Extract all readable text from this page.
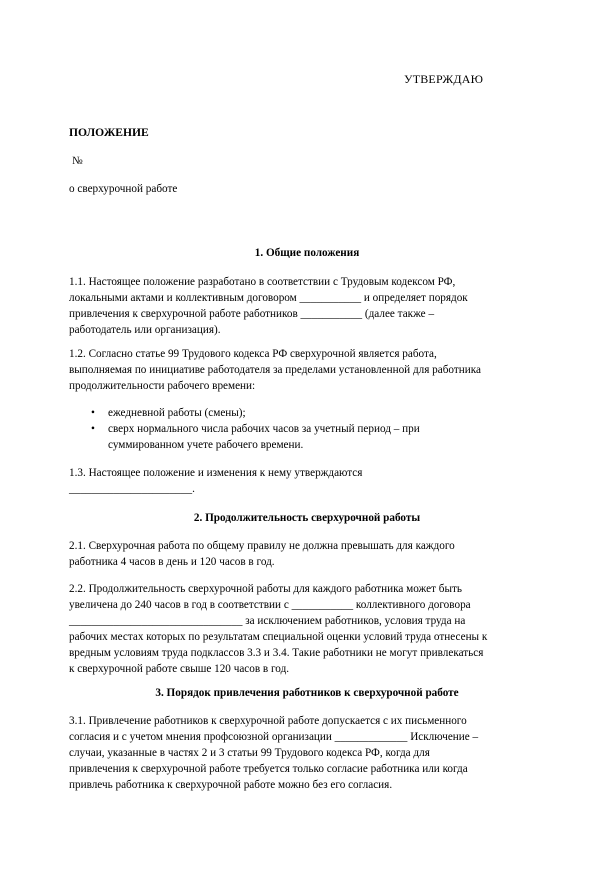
УТВЕРЖДАЮ
ПОЛОЖЕНИЕ
№
о сверхурочной работе
1. Общие положения
1.1. Настоящее положение разработано в соответствии с Трудовым кодексом РФ,
локальными актами и коллективным договором ___________ и определяет порядок
привлечения к сверхурочной работе работников ___________ (далее также –
работодатель или организация).
1.2. Согласно статье 99 Трудового кодекса РФ сверхурочной является работа,
выполняемая по инициативе работодателя за пределами установленной для работника
продолжительности рабочего времени:
• ежедневной работы (смены);
• сверх нормального числа рабочих часов за учетный период – при
суммированном учете рабочего времени.
1.3. Настоящее положение и изменения к нему утверждаются
______________________.
2. Продолжительность сверхурочной работы
2.1. Сверхурочная работа по общему правилу не должна превышать для каждого
работника 4 часов в день и 120 часов в год.
2.2. Продолжительность сверхурочной работы для каждого работника может быть
увеличена до 240 часов в год в соответствии с ___________ коллективного договора
_______________________________ за исключением работников, условия труда на
рабочих местах которых по результатам специальной оценки условий труда отнесены к
вредным условиям труда подклассов 3.3 и 3.4. Такие работники не могут привлекаться
к сверхурочной работе свыше 120 часов в год.
3. Порядок привлечения работников к сверхурочной работе
3.1. Привлечение работников к сверхурочной работе допускается с их письменного
согласия и с учетом мнения профсоюзной организации _____________ Исключение –
случаи, указанные в частях 2 и 3 статьи 99 Трудового кодекса РФ, когда для
привлечения к сверхурочной работе требуется только согласие работника или когда
привлечь работника к сверхурочной работе можно без его согласия.
